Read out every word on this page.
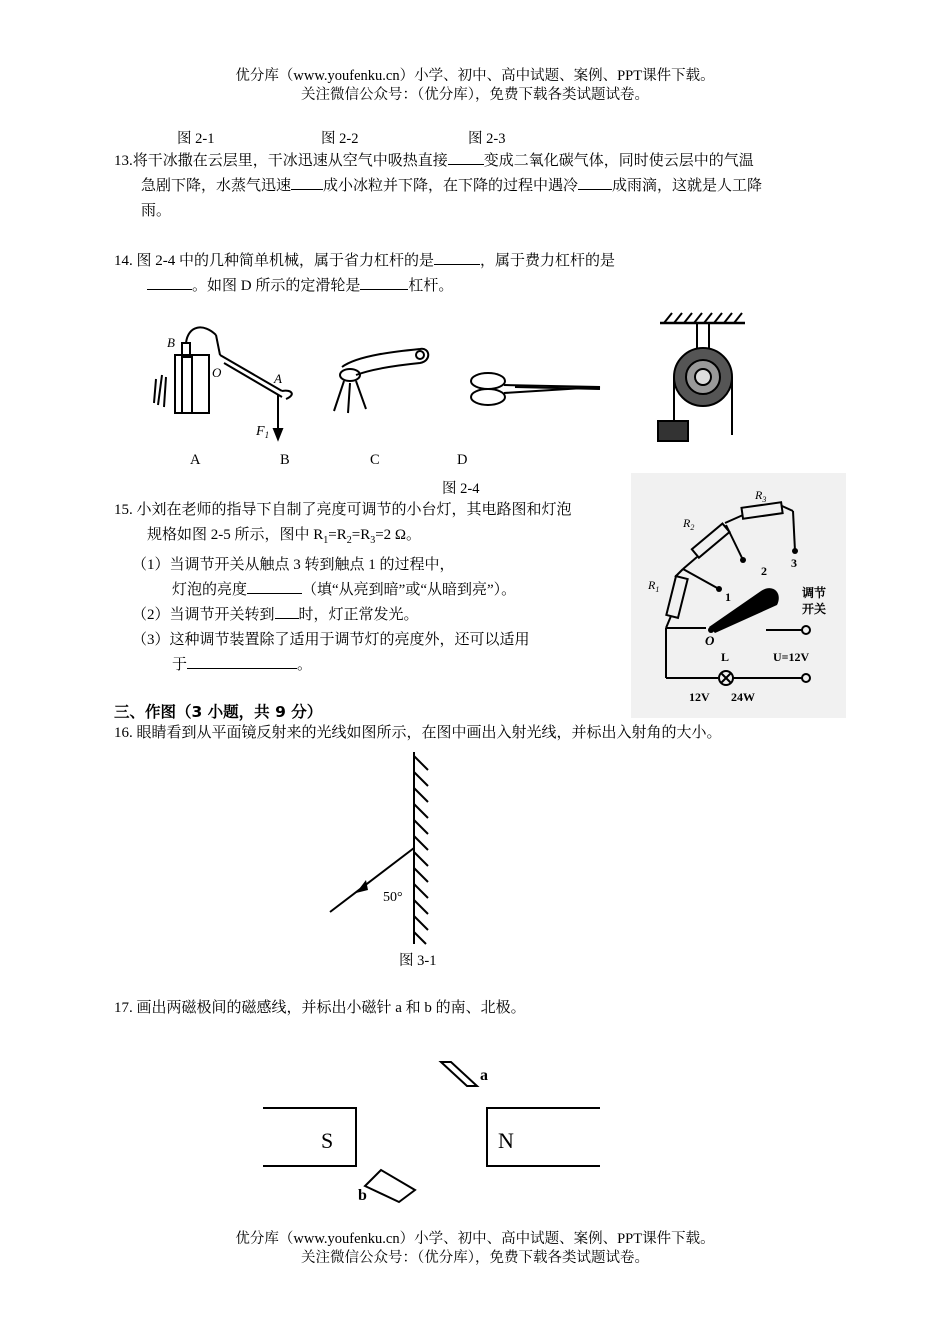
优分库（www.youfenku.cn）小学、初中、高中试题、案例、PPT课件下载。
关注微信公众号：（优分库），免费下载各类试题试卷。
图 2-1	图 2-2	图 2-3
13.将干冰撒在云层里，干冰迅速从空气中吸热直接 变成二氧化碳气体，同时使云层中的气温
急剧下降，水蒸气迅速 成小冰粒并下降，在下降的过程中遇冷 成雨滴，这就是人工降
雨。
14. 图 2-4 中的几种简单机械，属于省力杠杆的是	，属于费力杠杆的是
。如图 D 所示的定滑轮是	杠杆。
B
O	A
$F_1$
A	B	C	D
图 2-4
15. 小刘在老师的指导下自制了亮度可调节的小台灯，其电路图和灯泡
规格如图 2-5 所示，图中 $R_1=R_2=R_3=2$ Ω。
（1）当调节开关从触点 3 转到触点 1 的过程中，
灯泡的亮度	（填“从亮到暗”或“从暗到亮”）。
（2）当调节开关转到 时，灯正常发光。
（3）这种调节装置除了适用于调节灯的亮度外，还可以适用
于	。
$R_3$
$R_2$
$R_1$
1
2
3
O
调节
开关
U=12V
L
12V 24W
三、作图（3 小题，共 9 分）
16. 眼睛看到从平面镜反射来的光线如图所示，在图中画出入射光线，并标出入射角的大小。
50°
图 3-1
17. 画出两磁极间的磁感线，并标出小磁针 a 和 b 的南、北极。
S	N
a
b
优分库（www.youfenku.cn）小学、初中、高中试题、案例、PPT课件下载。
关注微信公众号：（优分库），免费下载各类试题试卷。
